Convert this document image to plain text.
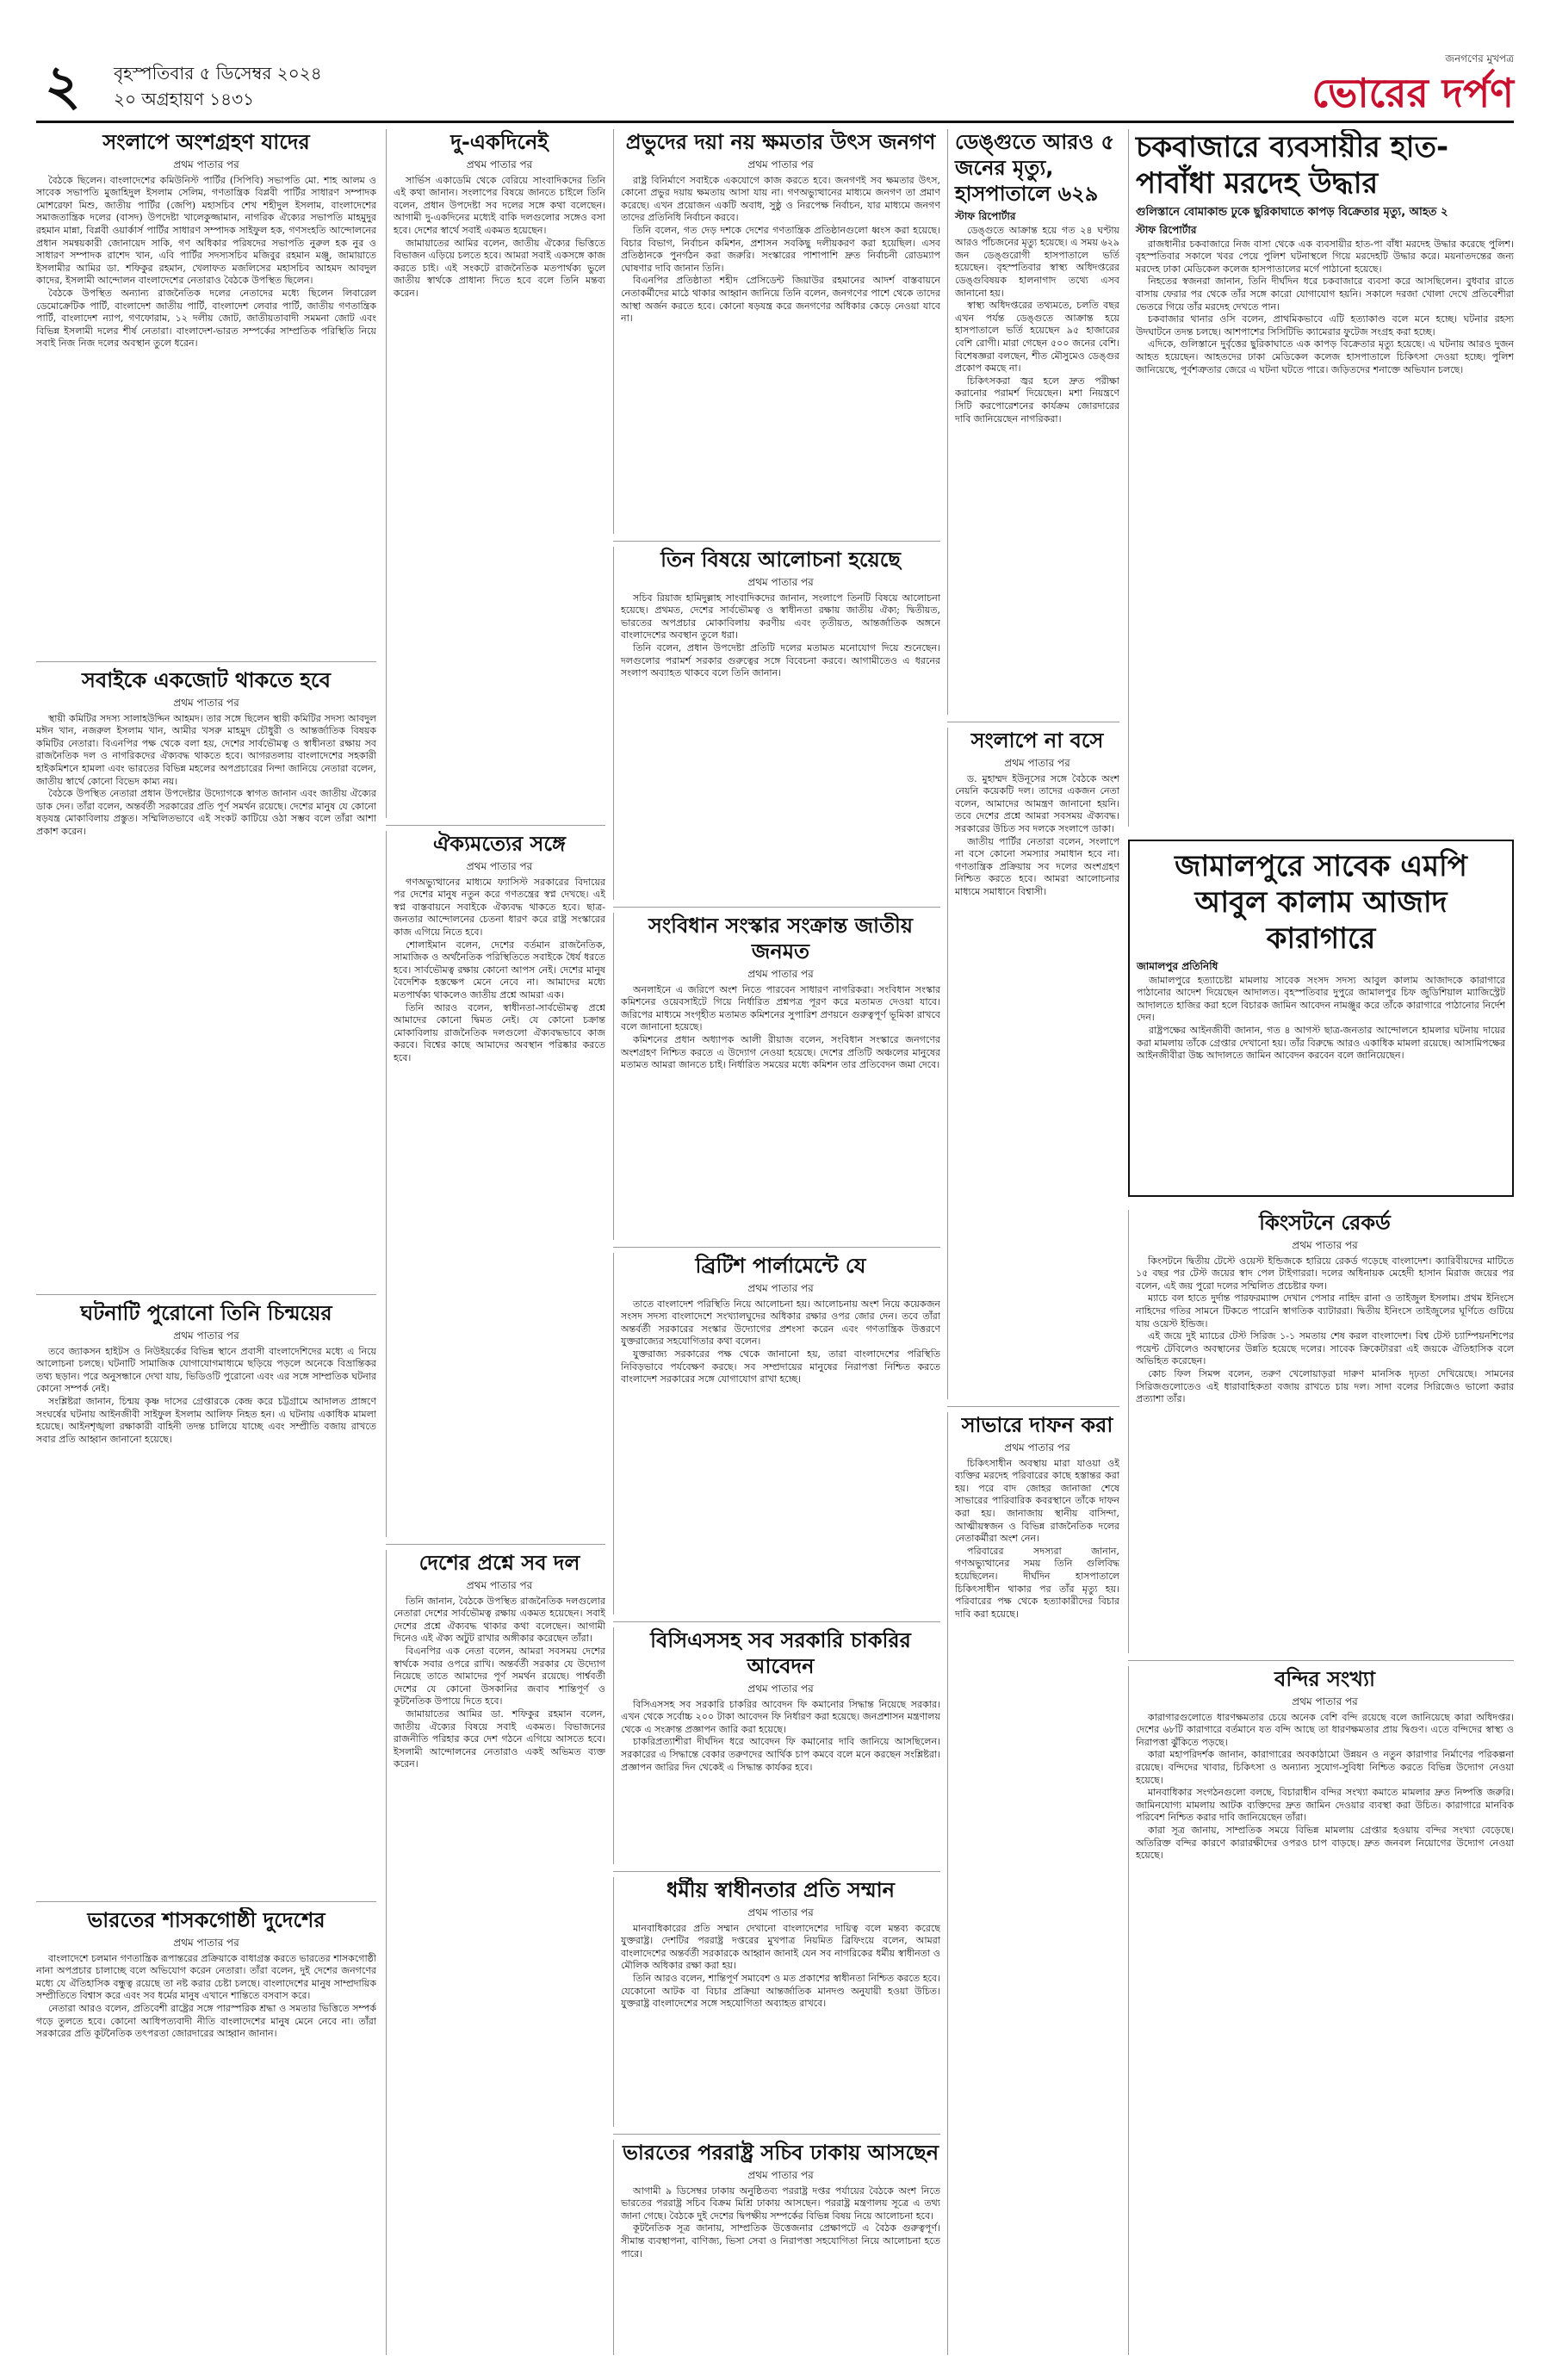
২ বৃহস্পতিবার ৫ ডিসেম্বর ২০২৪
২০ অগ্রহায়ণ ১৪৩১
জনগণের মুখপত্র
ভোরের দর্পণ
সংলাপে অংশগ্রহণ যাদের
প্রথম পাতার পর

বৈঠকে ছিলেন। বাংলাদেশের কমিউনিস্ট পার্টির (সিপিবি) সভাপতি মো. শাহ আলম ও সাবেক সভাপতি মুজাহিদুল ইসলাম সেলিম, গণতান্ত্রিক বিপ্লবী পার্টির সাধারণ সম্পাদক মোশরেফা মিশু, জাতীয় পার্টির (জেপি) মহাসচিব শেখ শহীদুল ইসলাম, বাংলাদেশের সমাজতান্ত্রিক দলের (বাসদ) উপদেষ্টা খালেকুজ্জামান, নাগরিক ঐক্যের সভাপতি মাহমুদুর রহমান মান্না, বিপ্লবী ওয়ার্কার্স পার্টির সাধারণ সম্পাদক সাইফুল হক, গণসংহতি আন্দোলনের প্রধান সমন্বয়কারী জোনায়েদ সাকি, গণ অধিকার পরিষদের সভাপতি নুরুল হক নুর ও সাধারণ সম্পাদক রাশেদ খান, এবি পার্টির সদস্যসচিব মজিবুর রহমান মঞ্জু, জামায়াতে ইসলামীর আমির ডা. শফিকুর রহমান, খেলাফত মজলিসের মহাসচিব আহমদ আবদুল কাদের, ইসলামী আন্দোলন বাংলাদেশের নেতারাও বৈঠকে উপস্থিত ছিলেন।

বৈঠকে উপস্থিত অন্যান্য রাজনৈতিক দলের নেতাদের মধ্যে ছিলেন লিবারেল ডেমোক্রেটিক পার্টি, বাংলাদেশ জাতীয় পার্টি, বাংলাদেশ লেবার পার্টি, জাতীয় গণতান্ত্রিক পার্টি, বাংলাদেশ ন্যাপ, গণফোরাম, ১২ দলীয় জোট, জাতীয়তাবাদী সমমনা জোট এবং বিভিন্ন ইসলামী দলের শীর্ষ নেতারা। বাংলাদেশ-ভারত সম্পর্কের সাম্প্রতিক পরিস্থিতি নিয়ে সবাই নিজ নিজ দলের অবস্থান তুলে ধরেন।

সবাইকে একজোট থাকতে হবে
প্রথম পাতার পর

স্থায়ী কমিটির সদস্য সালাহউদ্দিন আহমদ। তার সঙ্গে ছিলেন স্থায়ী কমিটির সদস্য আবদুল মঈন খান, নজরুল ইসলাম খান, আমীর খসরু মাহমুদ চৌধুরী ও আন্তর্জাতিক বিষয়ক কমিটির নেতারা। বিএনপির পক্ষ থেকে বলা হয়, দেশের সার্বভৌমত্ব ও স্বাধীনতা রক্ষায় সব রাজনৈতিক দল ও নাগরিকদের ঐক্যবদ্ধ থাকতে হবে। আগরতলায় বাংলাদেশের সহকারী হাইকমিশনে হামলা এবং ভারতের বিভিন্ন মহলের অপপ্রচারের নিন্দা জানিয়ে নেতারা বলেন, জাতীয় স্বার্থে কোনো বিভেদ কাম্য নয়।

বৈঠকে উপস্থিত নেতারা প্রধান উপদেষ্টার উদ্যোগকে স্বাগত জানান এবং জাতীয় ঐক্যের ডাক দেন। তাঁরা বলেন, অন্তর্বর্তী সরকারের প্রতি পূর্ণ সমর্থন রয়েছে। দেশের মানুষ যে কোনো ষড়যন্ত্র মোকাবিলায় প্রস্তুত। সম্মিলিতভাবে এই সংকট কাটিয়ে ওঠা সম্ভব বলে তাঁরা আশা প্রকাশ করেন।

ঘটনাটি পুরোনো তিনি চিন্ময়ের
প্রথম পাতার পর

তবে জ্যাকসন হাইটস ও নিউইয়র্কের বিভিন্ন স্থানে প্রবাসী বাংলাদেশিদের মধ্যে এ নিয়ে আলোচনা চলছে। ঘটনাটি সামাজিক যোগাযোগমাধ্যমে ছড়িয়ে পড়লে অনেকে বিভ্রান্তিকর তথ্য ছড়ান। পরে অনুসন্ধানে দেখা যায়, ভিডিওটি পুরোনো এবং এর সঙ্গে সাম্প্রতিক ঘটনার কোনো সম্পর্ক নেই।

সংশ্লিষ্টরা জানান, চিন্ময় কৃষ্ণ দাসের গ্রেপ্তারকে কেন্দ্র করে চট্টগ্রামে আদালত প্রাঙ্গণে সংঘর্ষের ঘটনায় আইনজীবী সাইফুল ইসলাম আলিফ নিহত হন। এ ঘটনায় একাধিক মামলা হয়েছে। আইনশৃঙ্খলা রক্ষাকারী বাহিনী তদন্ত চালিয়ে যাচ্ছে এবং সম্প্রীতি বজায় রাখতে সবার প্রতি আহ্বান জানানো হয়েছে।

ভারতের শাসকগোষ্ঠী দুদেশের
প্রথম পাতার পর

বাংলাদেশে চলমান গণতান্ত্রিক রূপান্তরের প্রক্রিয়াকে বাধাগ্রস্ত করতে ভারতের শাসকগোষ্ঠী নানা অপপ্রচার চালাচ্ছে বলে অভিযোগ করেন নেতারা। তাঁরা বলেন, দুই দেশের জনগণের মধ্যে যে ঐতিহাসিক বন্ধুত্ব রয়েছে তা নষ্ট করার চেষ্টা চলছে। বাংলাদেশের মানুষ সাম্প্রদায়িক সম্প্রীতিতে বিশ্বাস করে এবং সব ধর্মের মানুষ এখানে শান্তিতে বসবাস করে।

নেতারা আরও বলেন, প্রতিবেশী রাষ্ট্রের সঙ্গে পারস্পরিক শ্রদ্ধা ও সমতার ভিত্তিতে সম্পর্ক গড়ে তুলতে হবে। কোনো আধিপত্যবাদী নীতি বাংলাদেশের মানুষ মেনে নেবে না। তাঁরা সরকারের প্রতি কূটনৈতিক তৎপরতা জোরদারের আহ্বান জানান।

দু-একদিনেই
প্রথম পাতার পর

সার্ভিস একাডেমি থেকে বেরিয়ে সাংবাদিকদের তিনি এই কথা জানান। সংলাপের বিষয়ে জানতে চাইলে তিনি বলেন, প্রধান উপদেষ্টা সব দলের সঙ্গে কথা বলেছেন। আগামী দু-একদিনের মধ্যেই বাকি দলগুলোর সঙ্গেও বসা হবে। দেশের স্বার্থে সবাই একমত হয়েছেন।

জামায়াতের আমির বলেন, জাতীয় ঐক্যের ভিত্তিতে বিভাজন এড়িয়ে চলতে হবে। আমরা সবাই একসঙ্গে কাজ করতে চাই। এই সংকটে রাজনৈতিক মতপার্থক্য ভুলে জাতীয় স্বার্থকে প্রাধান্য দিতে হবে বলে তিনি মন্তব্য করেন।

ঐক্যমত্যের সঙ্গে
প্রথম পাতার পর

গণঅভ্যুত্থানের মাধ্যমে ফ্যাসিস্ট সরকারের বিদায়ের পর দেশের মানুষ নতুন করে গণতন্ত্রের স্বপ্ন দেখছে। এই স্বপ্ন বাস্তবায়নে সবাইকে ঐক্যবদ্ধ থাকতে হবে। ছাত্র-জনতার আন্দোলনের চেতনা ধারণ করে রাষ্ট্র সংস্কারের কাজ এগিয়ে নিতে হবে।

শোলাইমান বলেন, দেশের বর্তমান রাজনৈতিক, সামাজিক ও অর্থনৈতিক পরিস্থিতিতে সবাইকে ধৈর্য ধরতে হবে। সার্বভৌমত্ব রক্ষায় কোনো আপস নেই। দেশের মানুষ বৈদেশিক হস্তক্ষেপ মেনে নেবে না। আমাদের মধ্যে মতপার্থক্য থাকলেও জাতীয় প্রশ্নে আমরা এক।

তিনি আরও বলেন, স্বাধীনতা-সার্বভৌমত্ব প্রশ্নে আমাদের কোনো দ্বিমত নেই। যে কোনো চক্রান্ত মোকাবিলায় রাজনৈতিক দলগুলো ঐক্যবদ্ধভাবে কাজ করবে। বিশ্বের কাছে আমাদের অবস্থান পরিষ্কার করতে হবে।

দেশের প্রশ্নে সব দল
প্রথম পাতার পর

তিনি জানান, বৈঠকে উপস্থিত রাজনৈতিক দলগুলোর নেতারা দেশের সার্বভৌমত্ব রক্ষায় একমত হয়েছেন। সবাই দেশের প্রশ্নে ঐক্যবদ্ধ থাকার কথা বলেছেন। আগামী দিনেও এই ঐক্য অটুট রাখার অঙ্গীকার করেছেন তাঁরা।

বিএনপির এক নেতা বলেন, আমরা সবসময় দেশের স্বার্থকে সবার ওপরে রাখি। অন্তর্বর্তী সরকার যে উদ্যোগ নিয়েছে তাতে আমাদের পূর্ণ সমর্থন রয়েছে। পার্শ্ববর্তী দেশের যে কোনো উসকানির জবাব শান্তিপূর্ণ ও কূটনৈতিক উপায়ে দিতে হবে।

জামায়াতের আমির ডা. শফিকুর রহমান বলেন, জাতীয় ঐক্যের বিষয়ে সবাই একমত। বিভাজনের রাজনীতি পরিহার করে দেশ গঠনে এগিয়ে আসতে হবে। ইসলামী আন্দোলনের নেতারাও একই অভিমত ব্যক্ত করেন।

প্রভুদের দয়া নয় ক্ষমতার উৎস জনগণ
প্রথম পাতার পর

রাষ্ট্র বিনির্মাণে সবাইকে একযোগে কাজ করতে হবে। জনগণই সব ক্ষমতার উৎস, কোনো প্রভুর দয়ায় ক্ষমতায় আসা যায় না। গণঅভ্যুত্থানের মাধ্যমে জনগণ তা প্রমাণ করেছে। এখন প্রয়োজন একটি অবাধ, সুষ্ঠু ও নিরপেক্ষ নির্বাচন, যার মাধ্যমে জনগণ তাদের প্রতিনিধি নির্বাচন করবে।

তিনি বলেন, গত দেড় দশকে দেশের গণতান্ত্রিক প্রতিষ্ঠানগুলো ধ্বংস করা হয়েছে। বিচার বিভাগ, নির্বাচন কমিশন, প্রশাসন সবকিছু দলীয়করণ করা হয়েছিল। এসব প্রতিষ্ঠানকে পুনর্গঠন করা জরুরি। সংস্কারের পাশাপাশি দ্রুত নির্বাচনী রোডম্যাপ ঘোষণার দাবি জানান তিনি।

বিএনপির প্রতিষ্ঠাতা শহীদ প্রেসিডেন্ট জিয়াউর রহমানের আদর্শ বাস্তবায়নে নেতাকর্মীদের মাঠে থাকার আহ্বান জানিয়ে তিনি বলেন, জনগণের পাশে থেকে তাদের আস্থা অর্জন করতে হবে। কোনো ষড়যন্ত্র করে জনগণের অধিকার কেড়ে নেওয়া যাবে না।

তিন বিষয়ে আলোচনা হয়েছে
প্রথম পাতার পর

সচিব রিয়াজ হামিদুল্লাহ সাংবাদিকদের জানান, সংলাপে তিনটি বিষয়ে আলোচনা হয়েছে। প্রথমত, দেশের সার্বভৌমত্ব ও স্বাধীনতা রক্ষায় জাতীয় ঐক্য; দ্বিতীয়ত, ভারতের অপপ্রচার মোকাবিলায় করণীয় এবং তৃতীয়ত, আন্তর্জাতিক অঙ্গনে বাংলাদেশের অবস্থান তুলে ধরা।

তিনি বলেন, প্রধান উপদেষ্টা প্রতিটি দলের মতামত মনোযোগ দিয়ে শুনেছেন। দলগুলোর পরামর্শ সরকার গুরুত্বের সঙ্গে বিবেচনা করবে। আগামীতেও এ ধরনের সংলাপ অব্যাহত থাকবে বলে তিনি জানান।

সংবিধান সংস্কার সংক্রান্ত জাতীয় জনমত
প্রথম পাতার পর

অনলাইনে এ জরিপে অংশ নিতে পারবেন সাধারণ নাগরিকরা। সংবিধান সংস্কার কমিশনের ওয়েবসাইটে গিয়ে নির্ধারিত প্রশ্নপত্র পূরণ করে মতামত দেওয়া যাবে। জরিপের মাধ্যমে সংগৃহীত মতামত কমিশনের সুপারিশ প্রণয়নে গুরুত্বপূর্ণ ভূমিকা রাখবে বলে জানানো হয়েছে।

কমিশনের প্রধান অধ্যাপক আলী রীয়াজ বলেন, সংবিধান সংস্কারে জনগণের অংশগ্রহণ নিশ্চিত করতে এ উদ্যোগ নেওয়া হয়েছে। দেশের প্রতিটি অঞ্চলের মানুষের মতামত আমরা জানতে চাই। নির্ধারিত সময়ের মধ্যে কমিশন তার প্রতিবেদন জমা দেবে।

ব্রিটিশ পার্লামেন্টে যে
প্রথম পাতার পর

তাতে বাংলাদেশ পরিস্থিতি নিয়ে আলোচনা হয়। আলোচনায় অংশ নিয়ে কয়েকজন সংসদ সদস্য বাংলাদেশে সংখ্যালঘুদের অধিকার রক্ষার ওপর জোর দেন। তবে তাঁরা অন্তর্বর্তী সরকারের সংস্কার উদ্যোগের প্রশংসা করেন এবং গণতান্ত্রিক উত্তরণে যুক্তরাজ্যের সহযোগিতার কথা বলেন।

যুক্তরাজ্য সরকারের পক্ষ থেকে জানানো হয়, তারা বাংলাদেশের পরিস্থিতি নিবিড়ভাবে পর্যবেক্ষণ করছে। সব সম্প্রদায়ের মানুষের নিরাপত্তা নিশ্চিত করতে বাংলাদেশ সরকারের সঙ্গে যোগাযোগ রাখা হচ্ছে।

বিসিএসসহ সব সরকারি চাকরির আবেদন
প্রথম পাতার পর

বিসিএসসহ সব সরকারি চাকরির আবেদন ফি কমানোর সিদ্ধান্ত নিয়েছে সরকার। এখন থেকে সর্বোচ্চ ২০০ টাকা আবেদন ফি নির্ধারণ করা হয়েছে। জনপ্রশাসন মন্ত্রণালয় থেকে এ সংক্রান্ত প্রজ্ঞাপন জারি করা হয়েছে।

চাকরিপ্রত্যাশীরা দীর্ঘদিন ধরে আবেদন ফি কমানোর দাবি জানিয়ে আসছিলেন। সরকারের এ সিদ্ধান্তে বেকার তরুণদের আর্থিক চাপ কমবে বলে মনে করছেন সংশ্লিষ্টরা। প্রজ্ঞাপন জারির দিন থেকেই এ সিদ্ধান্ত কার্যকর হবে।

ধর্মীয় স্বাধীনতার প্রতি সম্মান
প্রথম পাতার পর

মানবাধিকারের প্রতি সম্মান দেখানো বাংলাদেশের দায়িত্ব বলে মন্তব্য করেছে যুক্তরাষ্ট্র। দেশটির পররাষ্ট্র দপ্তরের মুখপাত্র নিয়মিত ব্রিফিংয়ে বলেন, আমরা বাংলাদেশের অন্তর্বর্তী সরকারকে আহ্বান জানাই যেন সব নাগরিকের ধর্মীয় স্বাধীনতা ও মৌলিক অধিকার রক্ষা করা হয়।

তিনি আরও বলেন, শান্তিপূর্ণ সমাবেশ ও মত প্রকাশের স্বাধীনতা নিশ্চিত করতে হবে। যেকোনো আটক বা বিচার প্রক্রিয়া আন্তর্জাতিক মানদণ্ড অনুযায়ী হওয়া উচিত। যুক্তরাষ্ট্র বাংলাদেশের সঙ্গে সহযোগিতা অব্যাহত রাখবে।

ভারতের পররাষ্ট্র সচিব ঢাকায় আসছেন
প্রথম পাতার পর

আগামী ৯ ডিসেম্বর ঢাকায় অনুষ্ঠিতব্য পররাষ্ট্র দপ্তর পর্যায়ের বৈঠকে অংশ নিতে ভারতের পররাষ্ট্র সচিব বিক্রম মিশ্রি ঢাকায় আসছেন। পররাষ্ট্র মন্ত্রণালয় সূত্রে এ তথ্য জানা গেছে। বৈঠকে দুই দেশের দ্বিপক্ষীয় সম্পর্কের বিভিন্ন বিষয় নিয়ে আলোচনা হবে।

কূটনৈতিক সূত্র জানায়, সাম্প্রতিক উত্তেজনার প্রেক্ষাপটে এ বৈঠক গুরুত্বপূর্ণ। সীমান্ত ব্যবস্থাপনা, বাণিজ্য, ভিসা সেবা ও নিরাপত্তা সহযোগিতা নিয়ে আলোচনা হতে পারে।

ডেঙ্গুতে আরও ৫ জনের মৃত্যু, হাসপাতালে ৬২৯
স্টাফ রিপোর্টার

ডেঙ্গুতে আক্রান্ত হয়ে গত ২৪ ঘণ্টায় আরও পাঁচজনের মৃত্যু হয়েছে। এ সময় ৬২৯ জন ডেঙ্গুরোগী হাসপাতালে ভর্তি হয়েছেন। বৃহস্পতিবার স্বাস্থ্য অধিদপ্তরের ডেঙ্গুবিষয়ক হালনাগাদ তথ্যে এসব জানানো হয়।

স্বাস্থ্য অধিদপ্তরের তথ্যমতে, চলতি বছর এখন পর্যন্ত ডেঙ্গুতে আক্রান্ত হয়ে হাসপাতালে ভর্তি হয়েছেন ৯৫ হাজারের বেশি রোগী। মারা গেছেন ৫০০ জনের বেশি। বিশেষজ্ঞরা বলছেন, শীত মৌসুমেও ডেঙ্গুর প্রকোপ কমছে না।

চিকিৎসকরা জ্বর হলে দ্রুত পরীক্ষা করানোর পরামর্শ দিয়েছেন। মশা নিয়ন্ত্রণে সিটি করপোরেশনের কার্যক্রম জোরদারের দাবি জানিয়েছেন নাগরিকরা।

সংলাপে না বসে
প্রথম পাতার পর

ড. মুহাম্মদ ইউনূসের সঙ্গে বৈঠকে অংশ নেয়নি কয়েকটি দল। তাদের একজন নেতা বলেন, আমাদের আমন্ত্রণ জানানো হয়নি। তবে দেশের প্রশ্নে আমরা সবসময় ঐক্যবদ্ধ। সরকারের উচিত সব দলকে সংলাপে ডাকা।

জাতীয় পার্টির নেতারা বলেন, সংলাপে না বসে কোনো সমস্যার সমাধান হবে না। গণতান্ত্রিক প্রক্রিয়ায় সব দলের অংশগ্রহণ নিশ্চিত করতে হবে। আমরা আলোচনার মাধ্যমে সমাধানে বিশ্বাসী।

সাভারে দাফন করা
প্রথম পাতার পর

চিকিৎসাধীন অবস্থায় মারা যাওয়া ওই ব্যক্তির মরদেহ পরিবারের কাছে হস্তান্তর করা হয়। পরে বাদ জোহর জানাজা শেষে সাভারের পারিবারিক কবরস্থানে তাঁকে দাফন করা হয়। জানাজায় স্থানীয় বাসিন্দা, আত্মীয়স্বজন ও বিভিন্ন রাজনৈতিক দলের নেতাকর্মীরা অংশ নেন।

পরিবারের সদস্যরা জানান, গণঅভ্যুত্থানের সময় তিনি গুলিবিদ্ধ হয়েছিলেন। দীর্ঘদিন হাসপাতালে চিকিৎসাধীন থাকার পর তাঁর মৃত্যু হয়। পরিবারের পক্ষ থেকে হত্যাকারীদের বিচার দাবি করা হয়েছে।

চকবাজারে ব্যবসায়ীর হাত-পাবাঁধা মরদেহ উদ্ধার
গুলিস্তানে বোমাকান্ড ঢুকে ছুরিকাঘাতে কাপড় বিক্রেতার মৃত্যু, আহত ২
স্টাফ রিপোর্টার

রাজধানীর চকবাজারে নিজ বাসা থেকে এক ব্যবসায়ীর হাত-পা বাঁধা মরদেহ উদ্ধার করেছে পুলিশ। বৃহস্পতিবার সকালে খবর পেয়ে পুলিশ ঘটনাস্থলে গিয়ে মরদেহটি উদ্ধার করে। ময়নাতদন্তের জন্য মরদেহ ঢাকা মেডিকেল কলেজ হাসপাতালের মর্গে পাঠানো হয়েছে।

নিহতের স্বজনরা জানান, তিনি দীর্ঘদিন ধরে চকবাজারে ব্যবসা করে আসছিলেন। বুধবার রাতে বাসায় ফেরার পর থেকে তাঁর সঙ্গে কারো যোগাযোগ হয়নি। সকালে দরজা খোলা দেখে প্রতিবেশীরা ভেতরে গিয়ে তাঁর মরদেহ দেখতে পান।

চকবাজার থানার ওসি বলেন, প্রাথমিকভাবে এটি হত্যাকাণ্ড বলে মনে হচ্ছে। ঘটনার রহস্য উদঘাটনে তদন্ত চলছে। আশপাশের সিসিটিভি ক্যামেরার ফুটেজ সংগ্রহ করা হচ্ছে।

এদিকে, গুলিস্তানে দুর্বৃত্তের ছুরিকাঘাতে এক কাপড় বিক্রেতার মৃত্যু হয়েছে। এ ঘটনায় আরও দুজন আহত হয়েছেন। আহতদের ঢাকা মেডিকেল কলেজ হাসপাতালে চিকিৎসা দেওয়া হচ্ছে। পুলিশ জানিয়েছে, পূর্বশত্রুতার জেরে এ ঘটনা ঘটতে পারে। জড়িতদের শনাক্তে অভিযান চলছে।

জামালপুরে সাবেক এমপি আবুল কালাম আজাদ কারাগারে
জামালপুর প্রতিনিধি

জামালপুরে হত্যাচেষ্টা মামলায় সাবেক সংসদ সদস্য আবুল কালাম আজাদকে কারাগারে পাঠানোর আদেশ দিয়েছেন আদালত। বৃহস্পতিবার দুপুরে জামালপুর চিফ জুডিশিয়াল ম্যাজিস্ট্রেট আদালতে হাজির করা হলে বিচারক জামিন আবেদন নামঞ্জুর করে তাঁকে কারাগারে পাঠানোর নির্দেশ দেন।

রাষ্ট্রপক্ষের আইনজীবী জানান, গত ৪ আগস্ট ছাত্র-জনতার আন্দোলনে হামলার ঘটনায় দায়ের করা মামলায় তাঁকে গ্রেপ্তার দেখানো হয়। তাঁর বিরুদ্ধে আরও একাধিক মামলা রয়েছে। আসামিপক্ষের আইনজীবীরা উচ্চ আদালতে জামিন আবেদন করবেন বলে জানিয়েছেন।

কিংসটনে রেকর্ড
প্রথম পাতার পর

কিংসটনে দ্বিতীয় টেস্টে ওয়েস্ট ইন্ডিজকে হারিয়ে রেকর্ড গড়েছে বাংলাদেশ। ক্যারিবীয়দের মাটিতে ১৫ বছর পর টেস্ট জয়ের স্বাদ পেল টাইগাররা। দলের অধিনায়ক মেহেদী হাসান মিরাজ জয়ের পর বলেন, এই জয় পুরো দলের সম্মিলিত প্রচেষ্টার ফল।

ম্যাচে বল হাতে দুর্দান্ত পারফরম্যান্স দেখান পেসার নাহিদ রানা ও তাইজুল ইসলাম। প্রথম ইনিংসে নাহিদের গতির সামনে টিকতে পারেনি স্বাগতিক ব্যাটাররা। দ্বিতীয় ইনিংসে তাইজুলের ঘূর্ণিতে গুটিয়ে যায় ওয়েস্ট ইন্ডিজ।

এই জয়ে দুই ম্যাচের টেস্ট সিরিজ ১-১ সমতায় শেষ করল বাংলাদেশ। বিশ্ব টেস্ট চ্যাম্পিয়নশিপের পয়েন্ট টেবিলেও অবস্থানের উন্নতি হয়েছে দলের। সাবেক ক্রিকেটাররা এই জয়কে ঐতিহাসিক বলে অভিহিত করেছেন।

কোচ ফিল সিমন্স বলেন, তরুণ খেলোয়াড়রা দারুণ মানসিক দৃঢ়তা দেখিয়েছে। সামনের সিরিজগুলোতেও এই ধারাবাহিকতা বজায় রাখতে চায় দল। সাদা বলের সিরিজেও ভালো করার প্রত্যাশা তাঁর।

বন্দির সংখ্যা
প্রথম পাতার পর

কারাগারগুলোতে ধারণক্ষমতার চেয়ে অনেক বেশি বন্দি রয়েছে বলে জানিয়েছে কারা অধিদপ্তর। দেশের ৬৮টি কারাগারে বর্তমানে যত বন্দি আছে তা ধারণক্ষমতার প্রায় দ্বিগুণ। এতে বন্দিদের স্বাস্থ্য ও নিরাপত্তা ঝুঁকিতে পড়ছে।

কারা মহাপরিদর্শক জানান, কারাগারের অবকাঠামো উন্নয়ন ও নতুন কারাগার নির্মাণের পরিকল্পনা রয়েছে। বন্দিদের খাবার, চিকিৎসা ও অন্যান্য সুযোগ-সুবিধা নিশ্চিত করতে বিভিন্ন উদ্যোগ নেওয়া হয়েছে।

মানবাধিকার সংগঠনগুলো বলছে, বিচারাধীন বন্দির সংখ্যা কমাতে মামলার দ্রুত নিষ্পত্তি জরুরি। জামিনযোগ্য মামলায় আটক ব্যক্তিদের দ্রুত জামিন দেওয়ার ব্যবস্থা করা উচিত। কারাগারে মানবিক পরিবেশ নিশ্চিত করার দাবি জানিয়েছেন তাঁরা।

কারা সূত্র জানায়, সাম্প্রতিক সময়ে বিভিন্ন মামলায় গ্রেপ্তার হওয়ায় বন্দির সংখ্যা বেড়েছে। অতিরিক্ত বন্দির কারণে কারারক্ষীদের ওপরও চাপ বাড়ছে। দ্রুত জনবল নিয়োগের উদ্যোগ নেওয়া হয়েছে।
